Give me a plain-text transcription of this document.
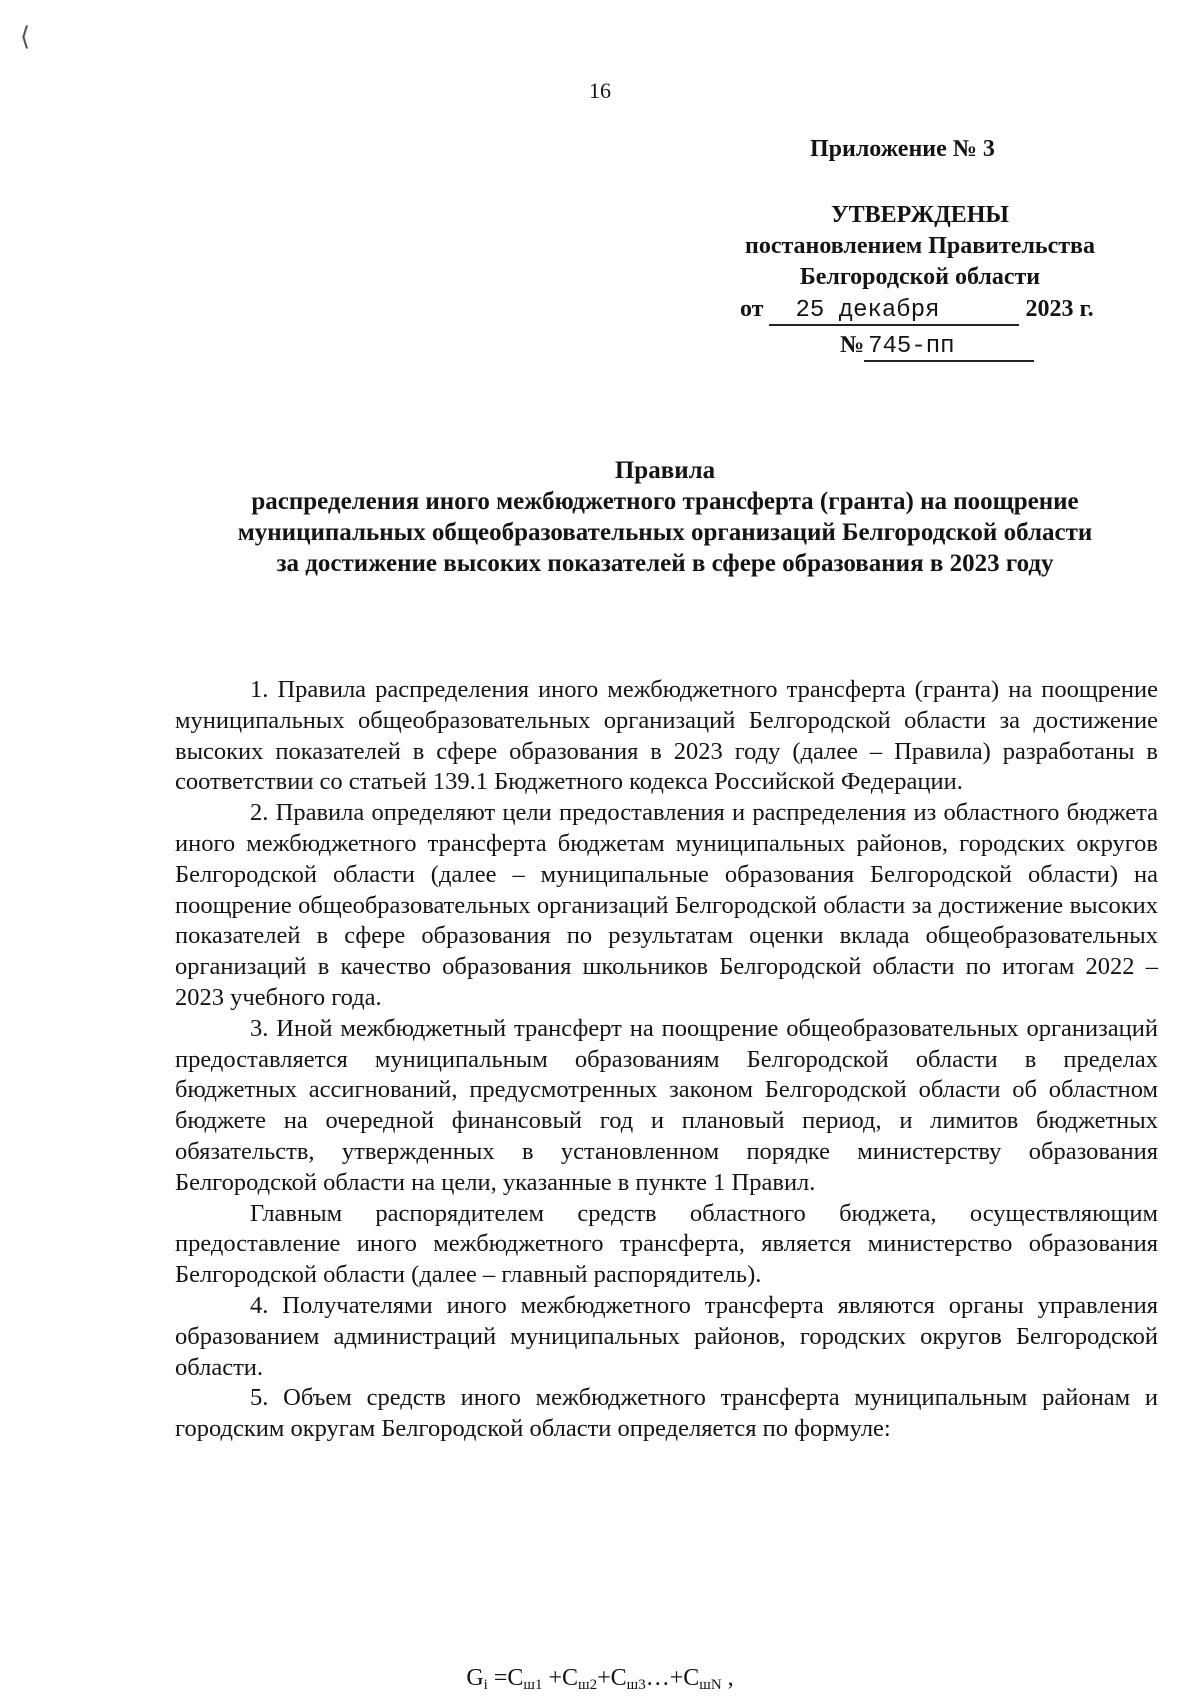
⟨
16
Приложение № 3
УТВЕРЖДЕНЫ
постановлением Правительства
Белгородской области
от 25 декабря	2023 г.
№ 745-пп
Правила
распределения иного межбюджетного трансферта (гранта) на поощрение
муниципальных общеобразовательных организаций Белгородской области
за достижение высоких показателей в сфере образования в 2023 году

1. Правила распределения иного межбюджетного трансферта (гранта) на поощрение муниципальных общеобразовательных организаций Белгородской области за достижение высоких показателей в сфере образования в 2023 году (далее – Правила) разработаны в соответствии со статьей 139.1 Бюджетного кодекса Российской Федерации.

2. Правила определяют цели предоставления и распределения из областного бюджета иного межбюджетного трансферта бюджетам муниципальных районов, городских округов Белгородской области (далее – муниципальные образования Белгородской области) на поощрение общеобразовательных организаций Белгородской области за достижение высоких показателей в сфере образования по результатам оценки вклада общеобразовательных организаций в качество образования школьников Белгородской области по итогам 2022 – 2023 учебного года.

3. Иной межбюджетный трансферт на поощрение общеобразовательных организаций предоставляется муниципальным образованиям Белгородской области в пределах бюджетных ассигнований, предусмотренных законом Белгородской области об областном бюджете на очередной финансовый год и плановый период, и лимитов бюджетных обязательств, утвержденных в установленном порядке министерству образования Белгородской области на цели, указанные в пункте 1 Правил.

Главным распорядителем средств областного бюджета, осуществляющим предоставление иного межбюджетного трансферта, является министерство образования Белгородской области (далее – главный распорядитель).

4. Получателями иного межбюджетного трансферта являются органы управления образованием администраций муниципальных районов, городских округов Белгородской области.

5. Объем средств иного межбюджетного трансферта муниципальным районам и городским округам Белгородской области определяется по формуле:

$G_i =C_{ш1}$ $+C_{ш2}+C_{ш3}\dots+C_{шN}$ ,
